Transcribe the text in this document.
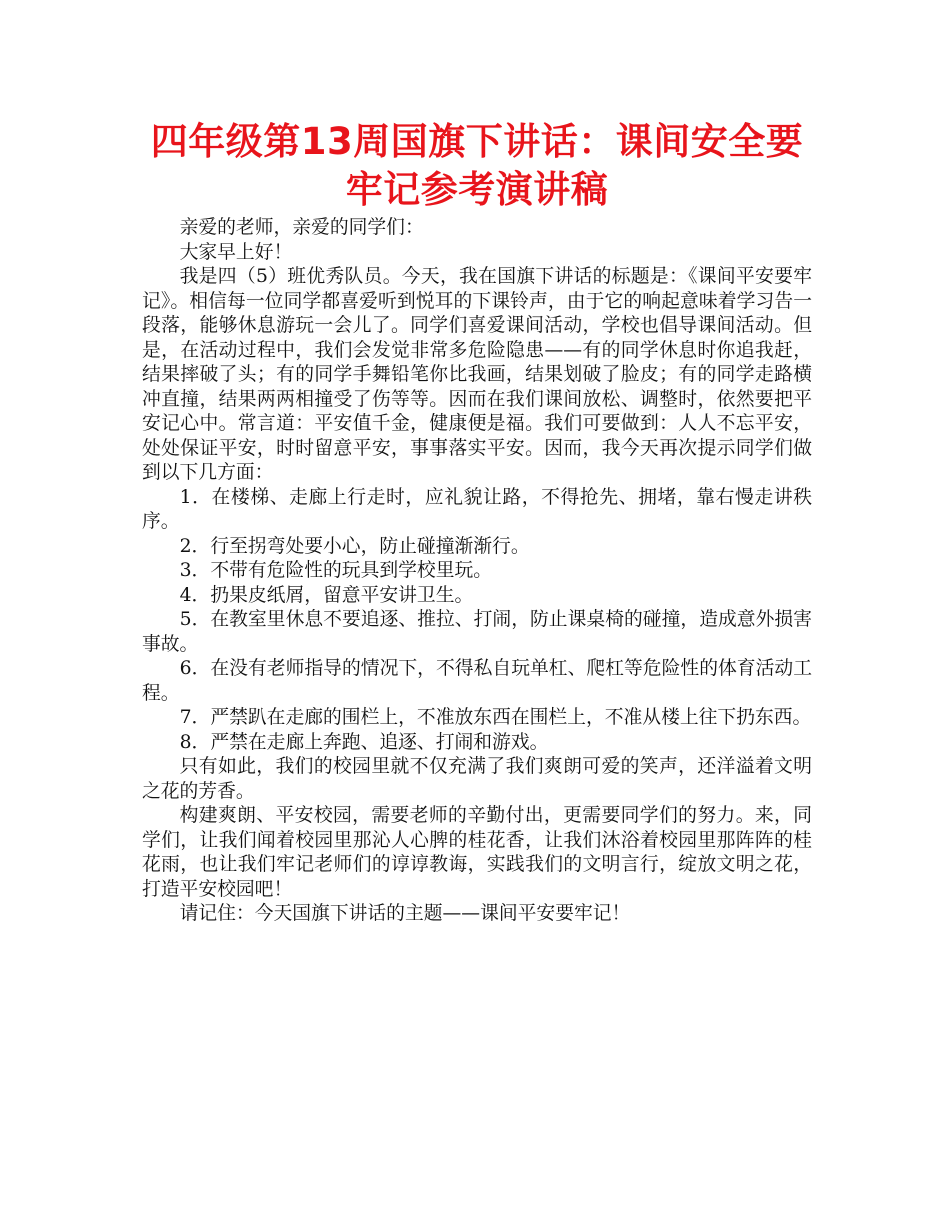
四年级第13周国旗下讲话：课间安全要牢记参考演讲稿

亲爱的老师，亲爱的同学们：

大家早上好！

我是四（5）班优秀队员。今天，我在国旗下讲话的标题是：《课间平安要牢记》。相信每一位同学都喜爱听到悦耳的下课铃声，由于它的响起意味着学习告一段落，能够休息游玩一会儿了。同学们喜爱课间活动，学校也倡导课间活动。但是，在活动过程中，我们会发觉非常多危险隐患——有的同学休息时你追我赶，结果摔破了头；有的同学手舞铅笔你比我画，结果划破了脸皮；有的同学走路横冲直撞，结果两两相撞受了伤等等。因而在我们课间放松、调整时，依然要把平安记心中。常言道：平安值千金，健康便是福。我们可要做到：人人不忘平安，处处保证平安，时时留意平安，事事落实平安。因而，我今天再次提示同学们做到以下几方面：

1．在楼梯、走廊上行走时，应礼貌让路，不得抢先、拥堵，靠右慢走讲秩序。

2．行至拐弯处要小心，防止碰撞渐渐行。

3．不带有危险性的玩具到学校里玩。

4．扔果皮纸屑，留意平安讲卫生。

5．在教室里休息不要追逐、推拉、打闹，防止课桌椅的碰撞，造成意外损害事故。

6．在没有老师指导的情况下，不得私自玩单杠、爬杠等危险性的体育活动工程。

7．严禁趴在走廊的围栏上，不准放东西在围栏上，不准从楼上往下扔东西。

8．严禁在走廊上奔跑、追逐、打闹和游戏。

只有如此，我们的校园里就不仅充满了我们爽朗可爱的笑声，还洋溢着文明之花的芳香。

构建爽朗、平安校园，需要老师的辛勤付出，更需要同学们的努力。来，同学们，让我们闻着校园里那沁人心脾的桂花香，让我们沐浴着校园里那阵阵的桂花雨，也让我们牢记老师们的谆谆教诲，实践我们的文明言行，绽放文明之花，打造平安校园吧！

请记住：今天国旗下讲话的主题——课间平安要牢记！
